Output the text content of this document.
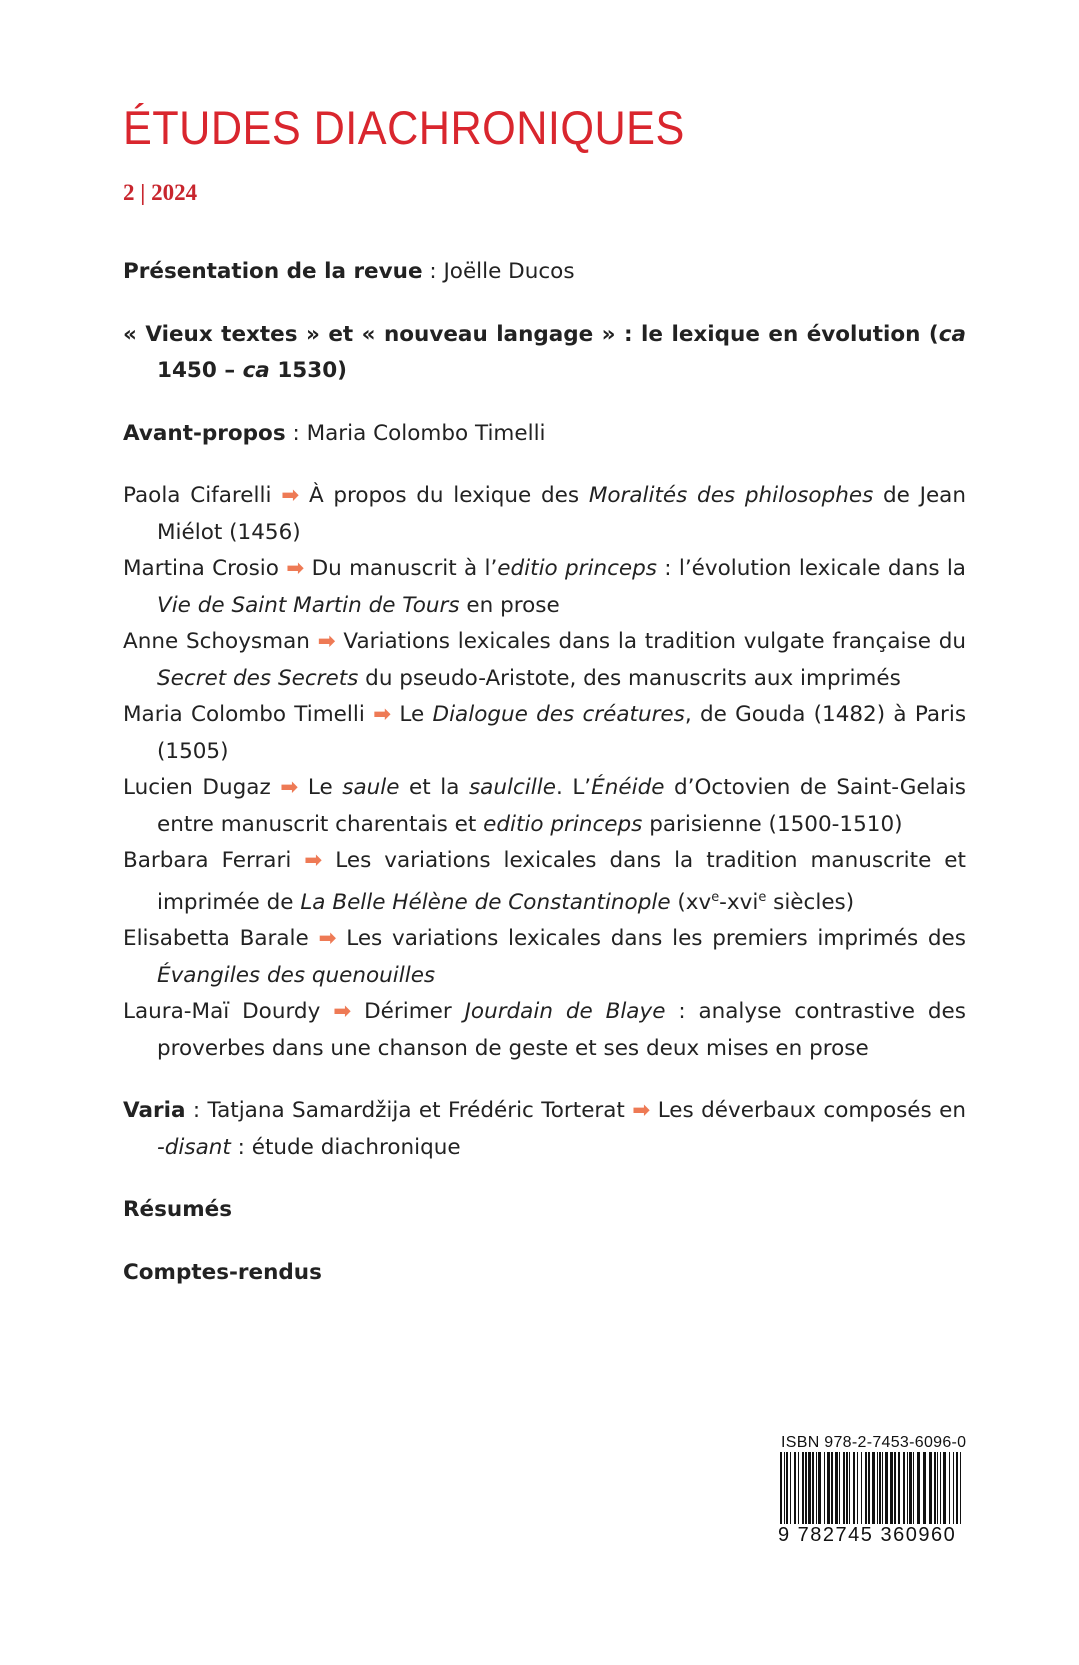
ÉTUDES DIACHRONIQUES
2 | 2024
Présentation de la revue : Joëlle Ducos
« Vieux textes » et « nouveau langage » : le lexique en évolution (ca 1450 – ca 1530)
Avant-propos : Maria Colombo Timelli
Paola Cifarelli ➡ À propos du lexique des Moralités des philosophes de Jean Miélot (1456)
Martina Crosio ➡ Du manuscrit à l’editio princeps : l’évolution lexicale dans la Vie de Saint Martin de Tours en prose
Anne Schoysman ➡ Variations lexicales dans la tradition vulgate française du Secret des Secrets du pseudo-Aristote, des manuscrits aux imprimés
Maria Colombo Timelli ➡ Le Dialogue des créatures, de Gouda (1482) à Paris (1505)
Lucien Dugaz ➡ Le saule et la saulcille. L’Énéide d’Octovien de Saint-Gelais entre manuscrit charentais et editio princeps parisienne (1500-1510)
Barbara Ferrari ➡ Les variations lexicales dans la tradition manuscrite et imprimée de La Belle Hélène de Constantinople ($xv^e-xvi^e$ siècles)
Elisabetta Barale ➡ Les variations lexicales dans les premiers imprimés des Évangiles des quenouilles
Laura-Maï Dourdy ➡ Dérimer Jourdain de Blaye : analyse contrastive des proverbes dans une chanson de geste et ses deux mises en prose
Varia : Tatjana Samardžija et Frédéric Torterat ➡ Les déverbaux composés en -disant : étude diachronique
Résumés
Comptes-rendus
ISBN 978-2-7453-6096-0
9 782745 360960
